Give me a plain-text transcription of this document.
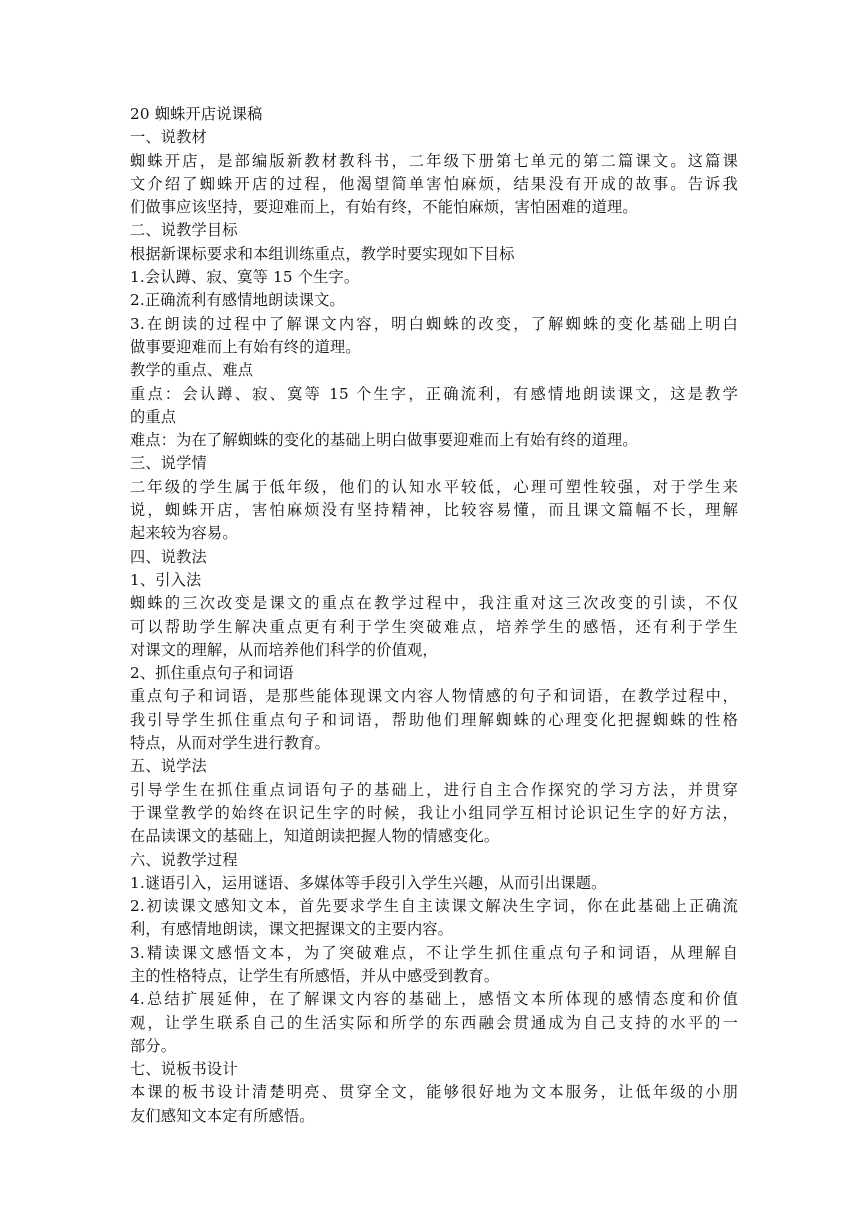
20 蜘蛛开店说课稿
一、说教材
蜘蛛开店，是部编版新教材教科书，二年级下册第七单元的第二篇课文。这篇课
文介绍了蜘蛛开店的过程，他渴望简单害怕麻烦，结果没有开成的故事。告诉我
们做事应该坚持，要迎难而上，有始有终，不能怕麻烦，害怕困难的道理。
二、说教学目标
根据新课标要求和本组训练重点，教学时要实现如下目标
1.会认蹲、寂、寞等 15 个生字。
2.正确流利有感情地朗读课文。
3.在朗读的过程中了解课文内容，明白蜘蛛的改变，了解蜘蛛的变化基础上明白
做事要迎难而上有始有终的道理。
教学的重点、难点
重点：会认蹲、寂、寞等 15 个生字，正确流利，有感情地朗读课文，这是教学
的重点
难点：为在了解蜘蛛的变化的基础上明白做事要迎难而上有始有终的道理。
三、说学情
二年级的学生属于低年级，他们的认知水平较低，心理可塑性较强，对于学生来
说，蜘蛛开店，害怕麻烦没有坚持精神，比较容易懂，而且课文篇幅不长，理解
起来较为容易。
四、说教法
1、引入法
蜘蛛的三次改变是课文的重点在教学过程中，我注重对这三次改变的引读，不仅
可以帮助学生解决重点更有利于学生突破难点，培养学生的感悟，还有利于学生
对课文的理解，从而培养他们科学的价值观，
2、抓住重点句子和词语
重点句子和词语，是那些能体现课文内容人物情感的句子和词语，在教学过程中，
我引导学生抓住重点句子和词语，帮助他们理解蜘蛛的心理变化把握蜘蛛的性格
特点，从而对学生进行教育。
五、说学法
引导学生在抓住重点词语句子的基础上，进行自主合作探究的学习方法，并贯穿
于课堂教学的始终在识记生字的时候，我让小组同学互相讨论识记生字的好方法，
在品读课文的基础上，知道朗读把握人物的情感变化。
六、说教学过程
1.谜语引入，运用谜语、多媒体等手段引入学生兴趣，从而引出课题。
2.初读课文感知文本，首先要求学生自主读课文解决生字词，你在此基础上正确流
利，有感情地朗读，课文把握课文的主要内容。
3.精读课文感悟文本，为了突破难点，不让学生抓住重点句子和词语，从理解自
主的性格特点，让学生有所感悟，并从中感受到教育。
4.总结扩展延伸，在了解课文内容的基础上，感悟文本所体现的感情态度和价值
观，让学生联系自己的生活实际和所学的东西融会贯通成为自己支持的水平的一
部分。
七、说板书设计
本课的板书设计清楚明亮、贯穿全文，能够很好地为文本服务，让低年级的小朋
友们感知文本定有所感悟。
